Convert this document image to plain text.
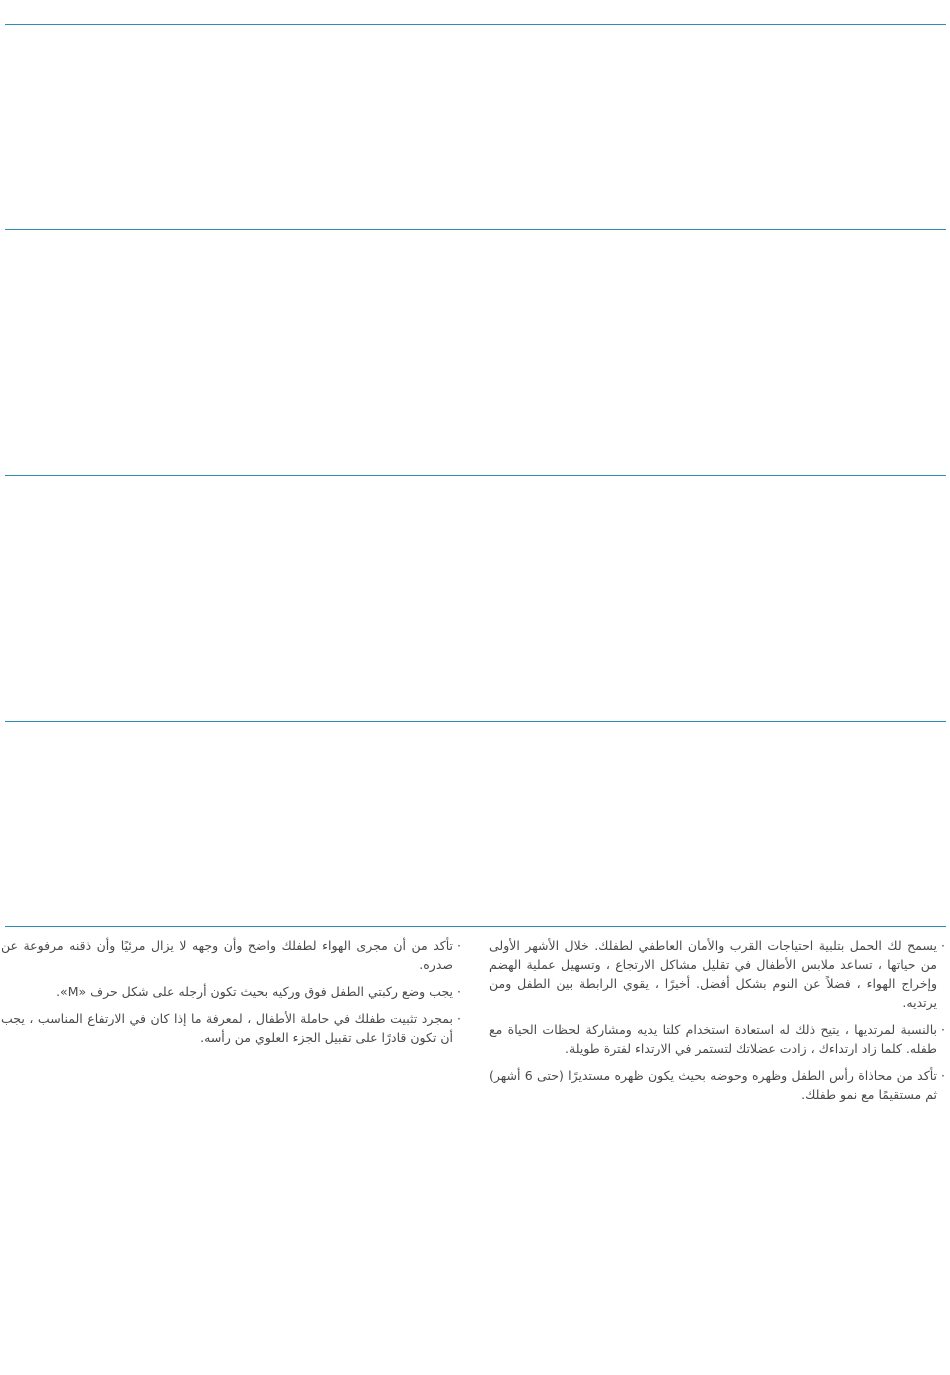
·
يسمح لك الحمل بتلبية احتياجات القرب والأمان العاطفي لطفلك. خلال الأشهر الأولى من حياتها ، تساعد ملابس الأطفال في تقليل مشاكل الارتجاع ، وتسهيل عملية الهضم وإخراج الهواء ، فضلاً عن النوم بشكل أفضل. أخيرًا ، يقوي الرابطة بين الطفل ومن يرتديه.

·
بالنسبة لمرتديها ، يتيح ذلك له استعادة استخدام كلتا يديه ومشاركة لحظات الحياة مع طفله. كلما زاد ارتداءك ، زادت عضلاتك لتستمر في الارتداء لفترة طويلة.

·
تأكد من محاذاة رأس الطفل وظهره وحوضه بحيث يكون ظهره مستديرًا (حتى 6 أشهر) ثم مستقيمًا مع نمو طفلك.

·
تأكد من أن مجرى الهواء لطفلك واضح وأن وجهه لا يزال مرئيًا وأن ذقنه مرفوعة عن صدره.

·
يجب وضع ركبتي الطفل فوق وركيه بحيث تكون أرجله على شكل حرف «M».

·
بمجرد تثبيت طفلك في حاملة الأطفال ، لمعرفة ما إذا كان في الارتفاع المناسب ، يجب أن تكون قادرًا على تقبيل الجزء العلوي من رأسه.
